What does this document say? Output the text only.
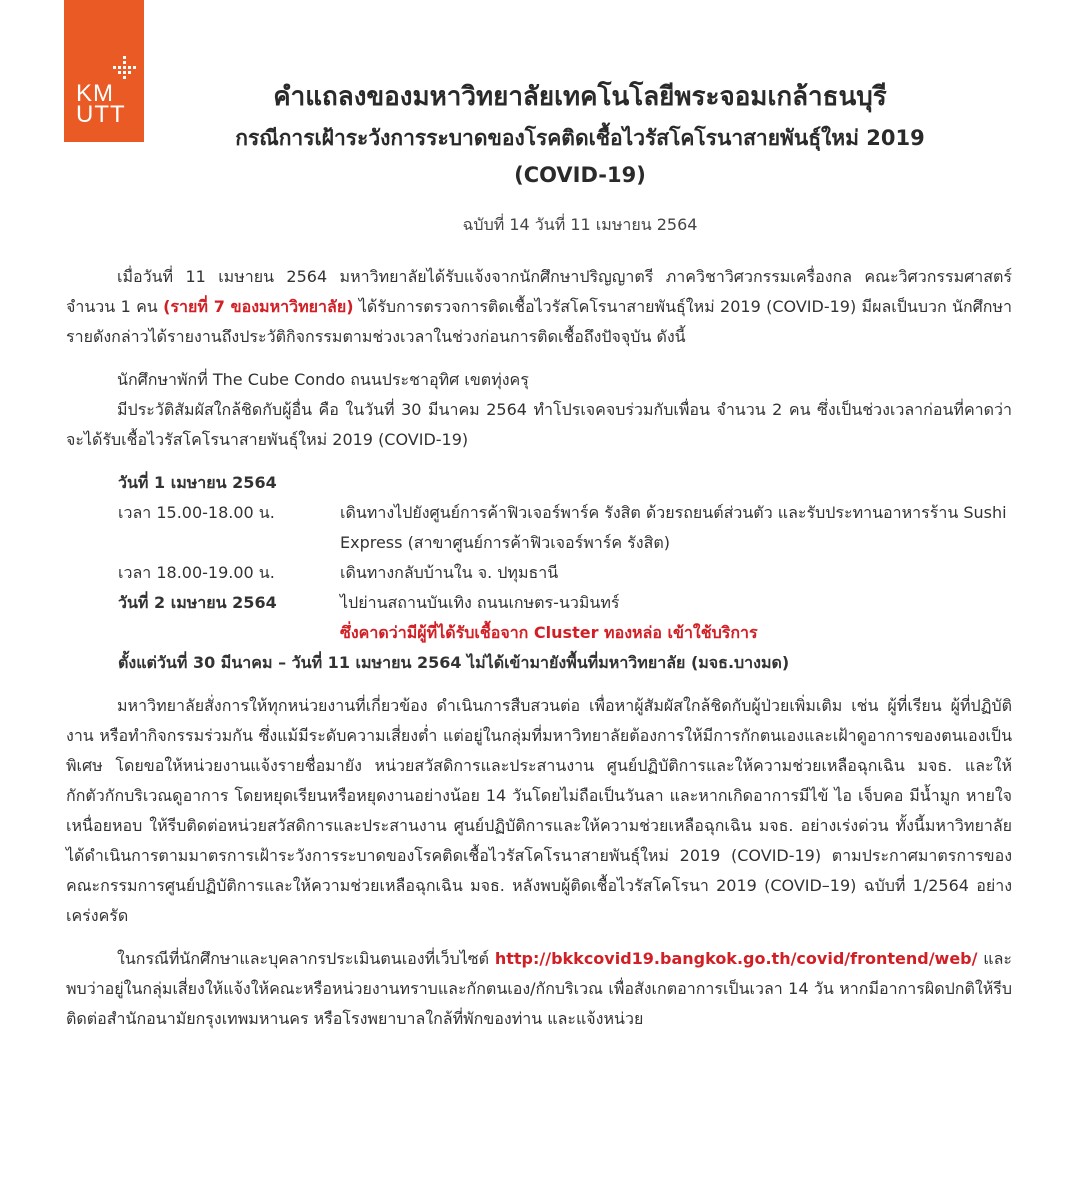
KM
UTT
คำแถลงของมหาวิทยาลัยเทคโนโลยีพระจอมเกล้าธนบุรี
กรณีการเฝ้าระวังการระบาดของโรคติดเชื้อไวรัสโคโรนาสายพันธุ์ใหม่ 2019
(COVID-19)
ฉบับที่ 14 วันที่ 11 เมษายน 2564

เมื่อวันที่ 11 เมษายน 2564 มหาวิทยาลัยได้รับแจ้งจากนักศึกษาปริญญาตรี ภาควิชาวิศวกรรมเครื่องกล คณะวิศวกรรมศาสตร์ จำนวน 1 คน (รายที่ 7 ของมหาวิทยาลัย) ได้รับการตรวจการติดเชื้อไวรัสโคโรนาสายพันธุ์ใหม่ 2019 (COVID-19) มีผลเป็นบวก นักศึกษารายดังกล่าวได้รายงานถึงประวัติกิจกรรมตามช่วงเวลาในช่วงก่อนการติดเชื้อถึงปัจจุบัน ดังนี้

นักศึกษาพักที่ The Cube Condo ถนนประชาอุทิศ เขตทุ่งครุ

มีประวัติสัมผัสใกล้ชิดกับผู้อื่น คือ ในวันที่ 30 มีนาคม 2564 ทำโปรเจคจบร่วมกับเพื่อน จำนวน 2 คน ซึ่งเป็นช่วงเวลาก่อนที่คาดว่าจะได้รับเชื้อไวรัสโคโรนาสายพันธุ์ใหม่ 2019 (COVID-19)

วันที่ 1 เมษายน 2564
เวลา 15.00-18.00 น.	เดินทางไปยังศูนย์การค้าฟิวเจอร์พาร์ค รังสิต ด้วยรถยนต์ส่วนตัว และรับประทานอาหารร้าน Sushi Express (สาขาศูนย์การค้าฟิวเจอร์พาร์ค รังสิต)
เวลา 18.00-19.00 น.	เดินทางกลับบ้านใน จ. ปทุมธานี
วันที่ 2 เมษายน 2564	ไปย่านสถานบันเทิง ถนนเกษตร-นวมินทร์
ซึ่งคาดว่ามีผู้ที่ได้รับเชื้อจาก Cluster ทองหล่อ เข้าใช้บริการ
ตั้งแต่วันที่ 30 มีนาคม – วันที่ 11 เมษายน 2564 ไม่ได้เข้ามายังพื้นที่มหาวิทยาลัย (มจธ.บางมด)

มหาวิทยาลัยสั่งการให้ทุกหน่วยงานที่เกี่ยวข้อง ดำเนินการสืบสวนต่อ เพื่อหาผู้สัมผัสใกล้ชิดกับผู้ป่วยเพิ่มเติม เช่น ผู้ที่เรียน ผู้ที่ปฏิบัติงาน หรือทำกิจกรรมร่วมกัน ซึ่งแม้มีระดับความเสี่ยงต่ำ แต่อยู่ในกลุ่มที่มหาวิทยาลัยต้องการให้มีการกักตนเองและเฝ้าดูอาการของตนเองเป็นพิเศษ โดยขอให้หน่วยงานแจ้งรายชื่อมายัง หน่วยสวัสดิการและประสานงาน ศูนย์ปฏิบัติการและให้ความช่วยเหลือฉุกเฉิน มจธ. และให้กักตัวกักบริเวณดูอาการ โดยหยุดเรียนหรือหยุดงานอย่างน้อย 14 วันโดยไม่ถือเป็นวันลา และหากเกิดอาการมีไข้ ไอ เจ็บคอ มีน้ำมูก หายใจเหนื่อยหอบ ให้รีบติดต่อหน่วยสวัสดิการและประสานงาน ศูนย์ปฏิบัติการและให้ความช่วยเหลือฉุกเฉิน มจธ. อย่างเร่งด่วน ทั้งนี้มหาวิทยาลัยได้ดำเนินการตามมาตรการเฝ้าระวังการระบาดของโรคติดเชื้อไวรัสโคโรนาสายพันธุ์ใหม่ 2019 (COVID-19) ตามประกาศมาตรการของคณะกรรมการศูนย์ปฏิบัติการและให้ความช่วยเหลือฉุกเฉิน มจธ. หลังพบผู้ติดเชื้อไวรัสโคโรนา 2019 (COVID–19) ฉบับที่ 1/2564 อย่างเคร่งครัด

ในกรณีที่นักศึกษาและบุคลากรประเมินตนเองที่เว็บไซต์ http://bkkcovid19.bangkok.go.th/covid/frontend/web/ และพบว่าอยู่ในกลุ่มเสี่ยงให้แจ้งให้คณะหรือหน่วยงานทราบและกักตนเอง/กักบริเวณ เพื่อสังเกตอาการเป็นเวลา 14 วัน หากมีอาการผิดปกติให้รีบติดต่อสำนักอนามัยกรุงเทพมหานคร หรือโรงพยาบาลใกล้ที่พักของท่าน และแจ้งหน่วย
